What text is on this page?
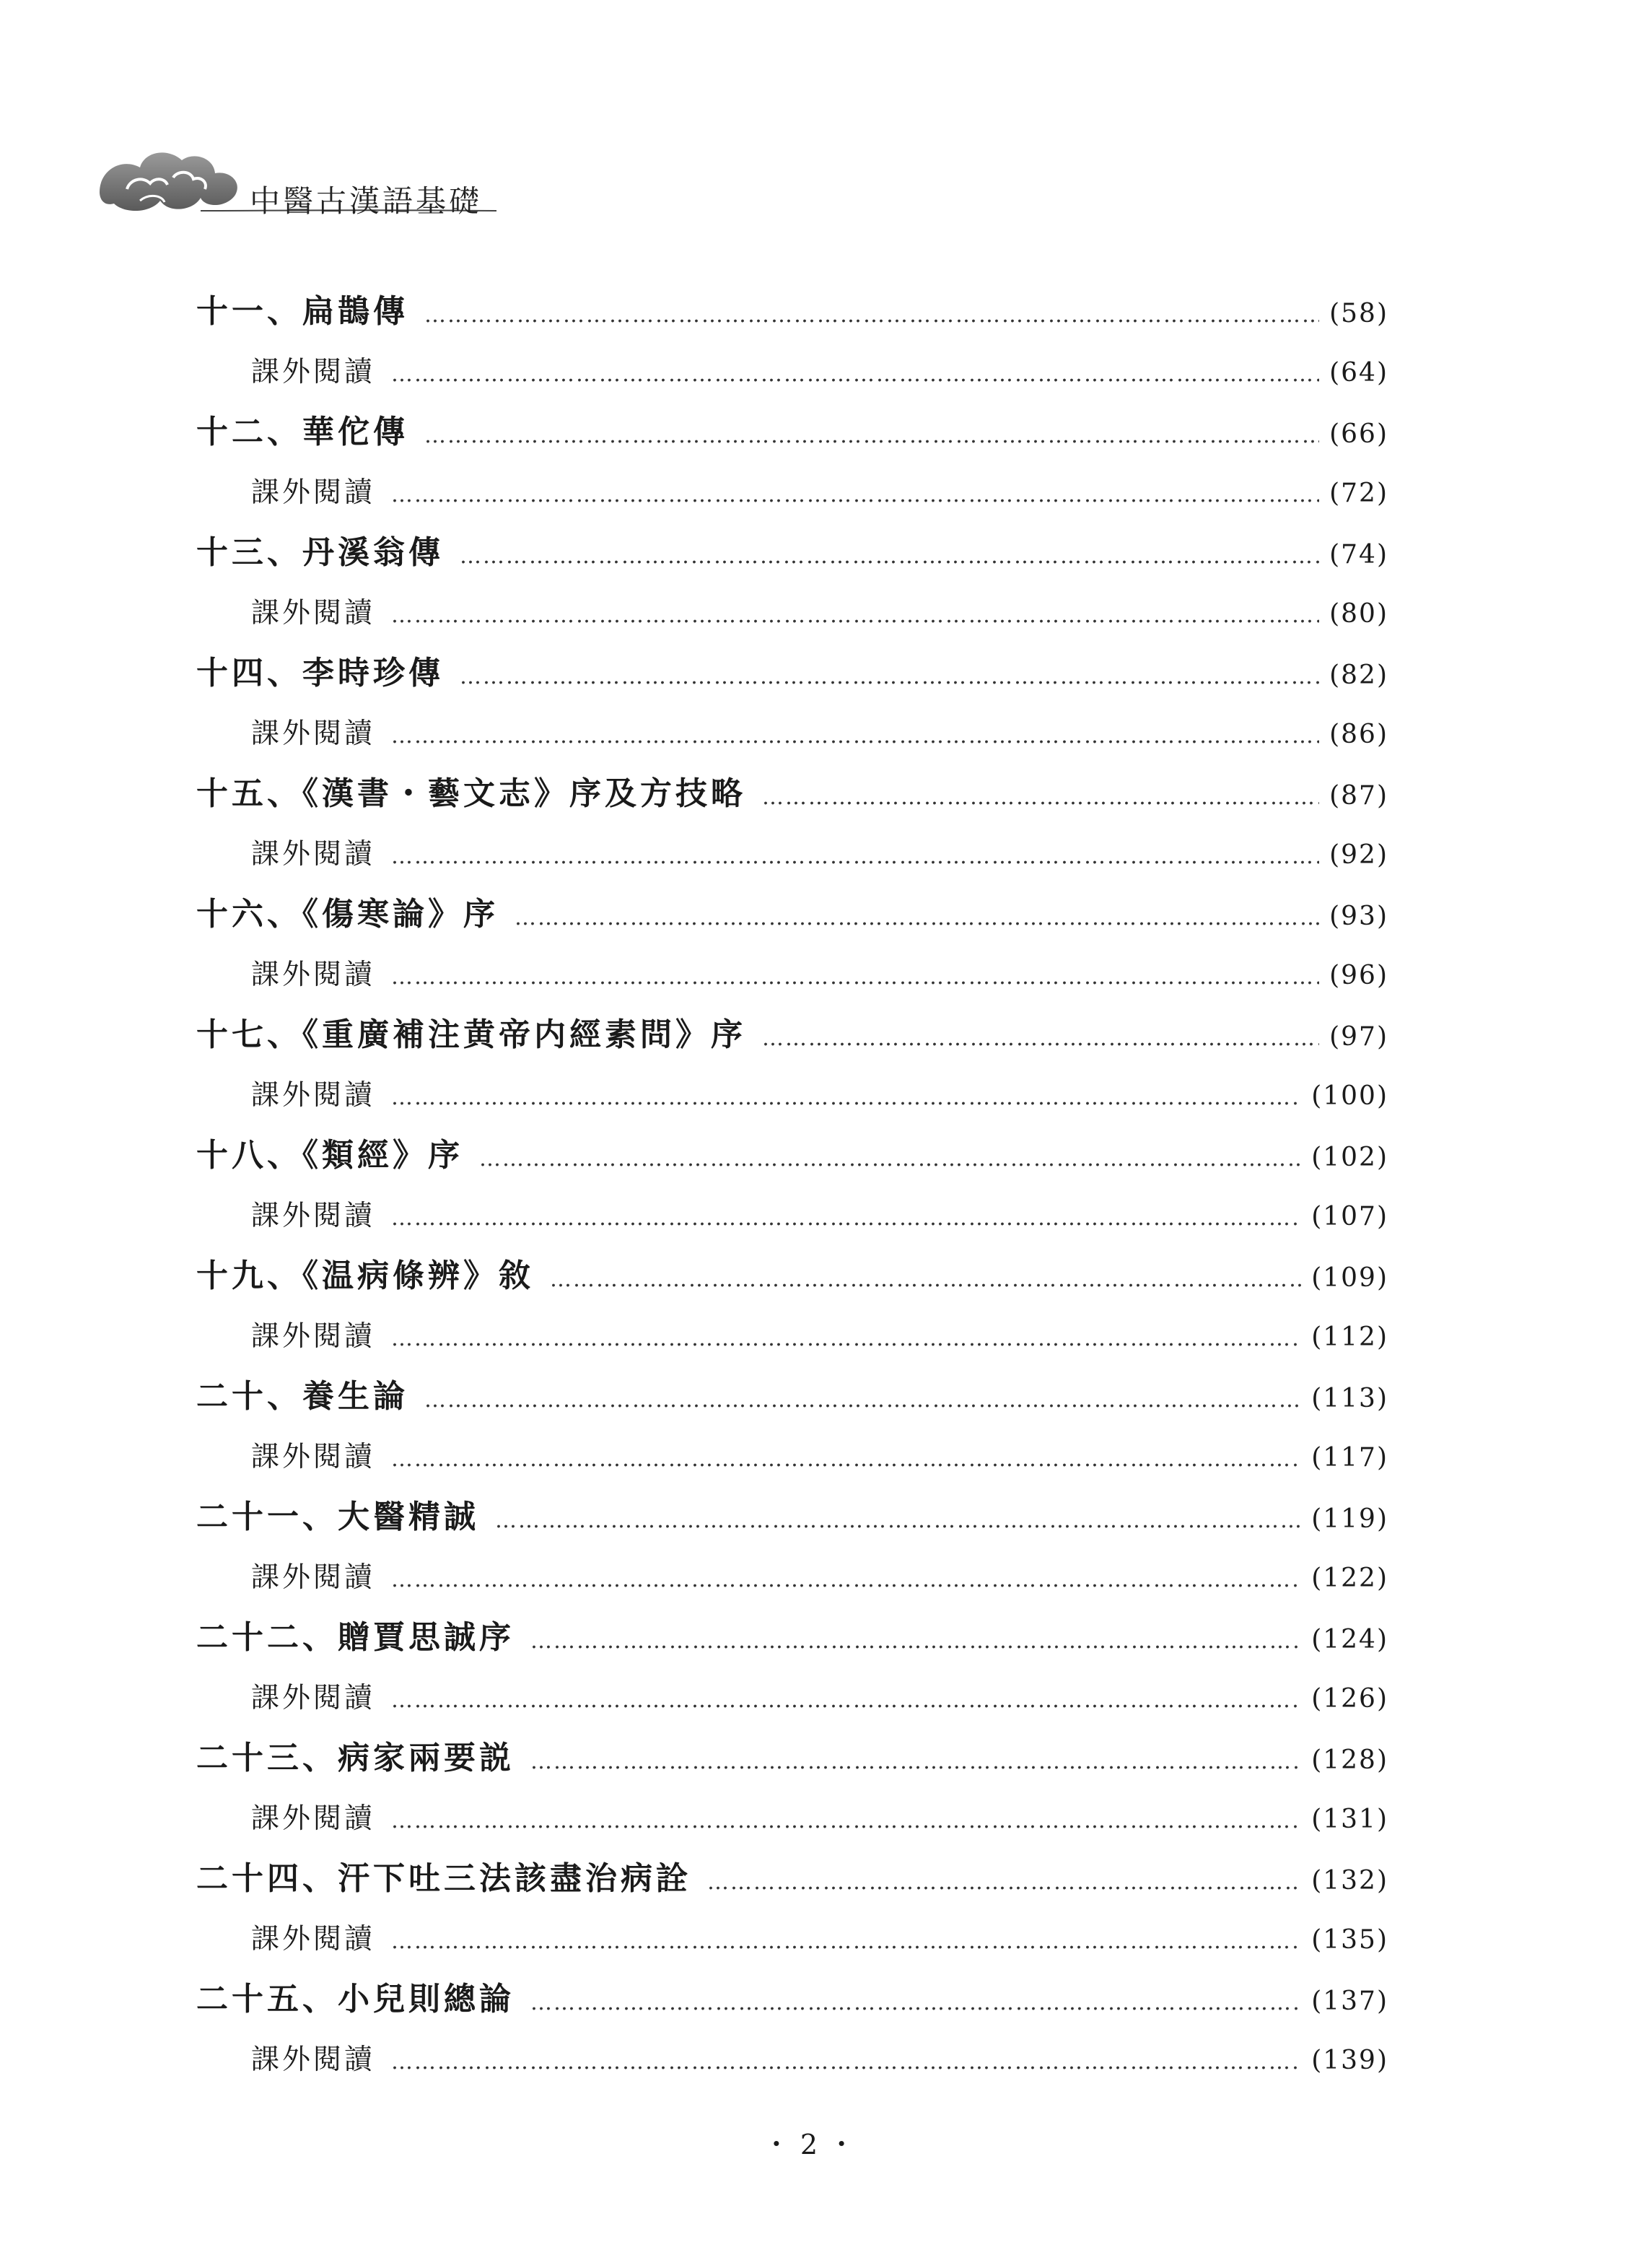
中醫古漢語基礎
十一、扁鵲傳 …………………………………………………………………………………………………………………………………………………………………………	(58)
課外閱讀 …………………………………………………………………………………………………………………………………………………………………………	(64)
十二、華佗傳 …………………………………………………………………………………………………………………………………………………………………………	(66)
課外閱讀 …………………………………………………………………………………………………………………………………………………………………………	(72)
十三、丹溪翁傳 …………………………………………………………………………………………………………………………………………………………………………	(74)
課外閱讀 …………………………………………………………………………………………………………………………………………………………………………	(80)
十四、李時珍傳 …………………………………………………………………………………………………………………………………………………………………………	(82)
課外閱讀 …………………………………………………………………………………………………………………………………………………………………………	(86)
十五、《漢書・藝文志》序及方技略 …………………………………………………………………………………………………………………………………………………………………………	(87)
課外閱讀 …………………………………………………………………………………………………………………………………………………………………………	(92)
十六、《傷寒論》序 …………………………………………………………………………………………………………………………………………………………………………	(93)
課外閱讀 …………………………………………………………………………………………………………………………………………………………………………	(96)
十七、《重廣補注黄帝内經素問》序 …………………………………………………………………………………………………………………………………………………………………………	(97)
課外閱讀 …………………………………………………………………………………………………………………………………………………………………………	(100)
十八、《類經》序 …………………………………………………………………………………………………………………………………………………………………………	(102)
課外閱讀 …………………………………………………………………………………………………………………………………………………………………………	(107)
十九、《温病條辨》敘 …………………………………………………………………………………………………………………………………………………………………………	(109)
課外閱讀 …………………………………………………………………………………………………………………………………………………………………………	(112)
二十、養生論 …………………………………………………………………………………………………………………………………………………………………………	(113)
課外閱讀 …………………………………………………………………………………………………………………………………………………………………………	(117)
二十一、大醫精誠 …………………………………………………………………………………………………………………………………………………………………………	(119)
課外閱讀 …………………………………………………………………………………………………………………………………………………………………………	(122)
二十二、贈賈思誠序 …………………………………………………………………………………………………………………………………………………………………………	(124)
課外閱讀 …………………………………………………………………………………………………………………………………………………………………………	(126)
二十三、病家兩要説 …………………………………………………………………………………………………………………………………………………………………………	(128)
課外閱讀 …………………………………………………………………………………………………………………………………………………………………………	(131)
二十四、汗下吐三法該盡治病詮 …………………………………………………………………………………………………………………………………………………………………………	(132)
課外閱讀 …………………………………………………………………………………………………………………………………………………………………………	(135)
二十五、小兒則總論 …………………………………………………………………………………………………………………………………………………………………………	(137)
課外閱讀 …………………………………………………………………………………………………………………………………………………………………………	(139)
・2・
